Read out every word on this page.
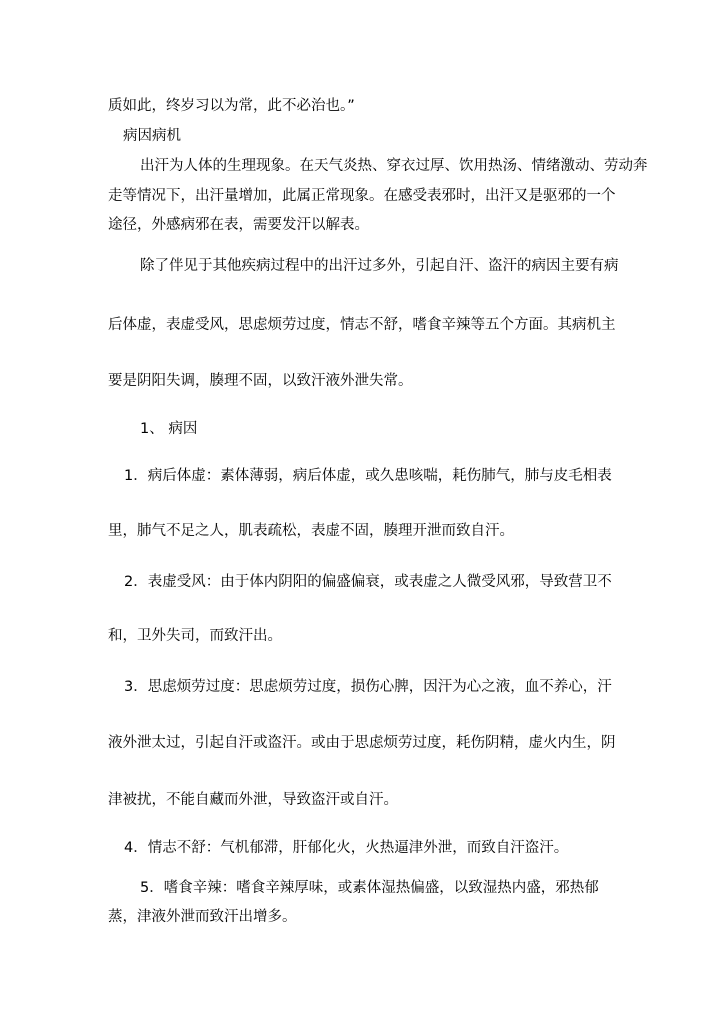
质如此，终岁习以为常，此不必治也。”
病因病机
出汗为人体的生理现象。在天气炎热、穿衣过厚、饮用热汤、情绪激动、劳动奔
走等情况下，出汗量增加，此属正常现象。在感受表邪时，出汗又是驱邪的一个
途径，外感病邪在表，需要发汗以解表。
除了伴见于其他疾病过程中的出汗过多外，引起自汗、盗汗的病因主要有病
后体虚，表虚受风，思虑烦劳过度，情志不舒，嗜食辛辣等五个方面。其病机主
要是阴阳失调，腠理不固，以致汗液外泄失常。
1、 病因
1．病后体虚：素体薄弱，病后体虚，或久患咳喘，耗伤肺气，肺与皮毛相表
里，肺气不足之人，肌表疏松，表虚不固，腠理开泄而致自汗。
2．表虚受风：由于体内阴阳的偏盛偏衰，或表虚之人微受风邪，导致营卫不
和，卫外失司，而致汗出。
3．思虑烦劳过度：思虑烦劳过度，损伤心脾，因汗为心之液，血不养心，汗
液外泄太过，引起自汗或盗汗。或由于思虑烦劳过度，耗伤阴精，虚火内生，阴
津被扰，不能自藏而外泄，导致盗汗或自汗。
4．情志不舒：气机郁滞，肝郁化火，火热逼津外泄，而致自汗盗汗。
5．嗜食辛辣：嗜食辛辣厚味，或素体湿热偏盛，以致湿热内盛，邪热郁
蒸，津液外泄而致汗出增多。
